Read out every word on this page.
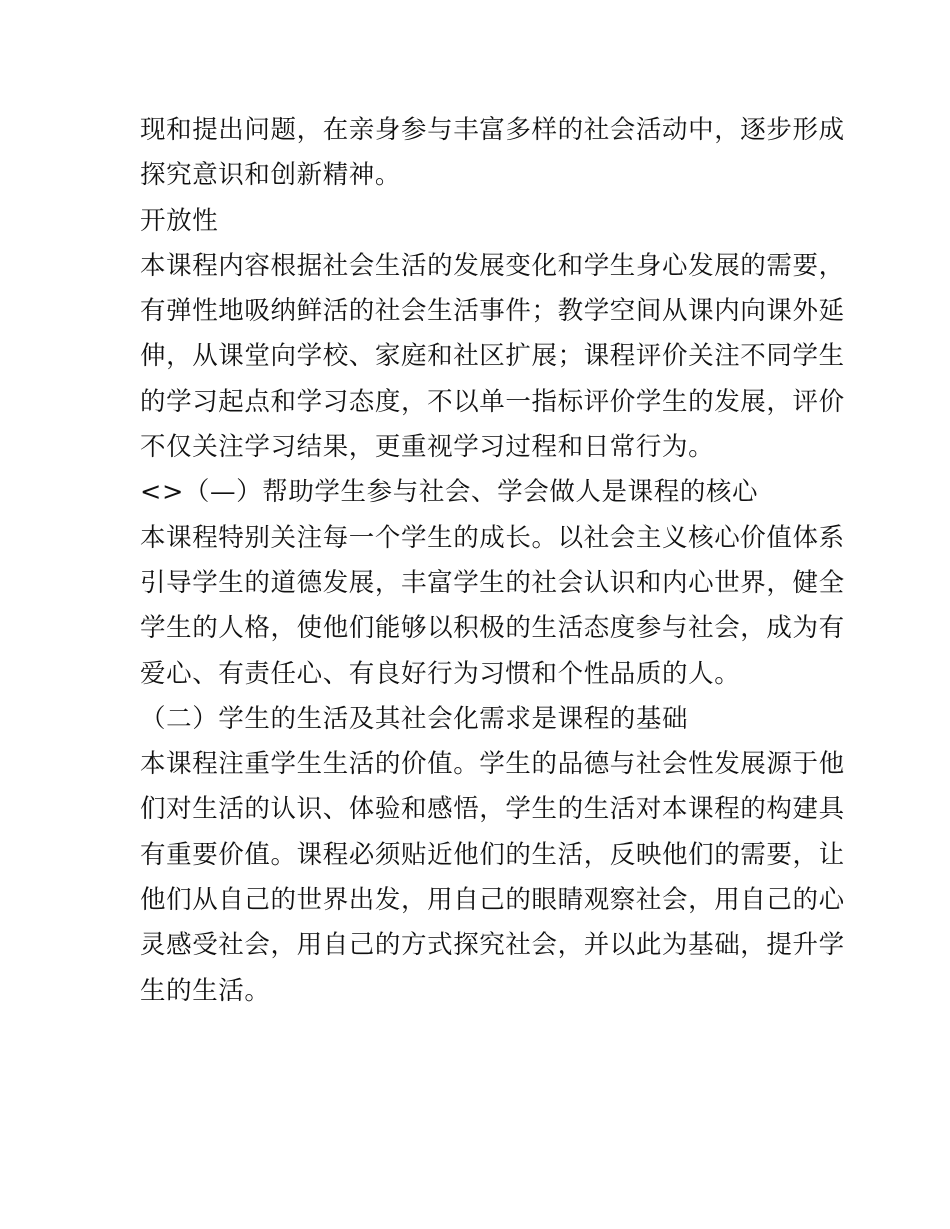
现和提出问题，在亲身参与丰富多样的社会活动中，逐步形成
探究意识和创新精神。
开放性
本课程内容根据社会生活的发展变化和学生身心发展的需要，
有弹性地吸纳鲜活的社会生活事件；教学空间从课内向课外延
伸，从课堂向学校、家庭和社区扩展；课程评价关注不同学生
的学习起点和学习态度，不以单一指标评价学生的发展，评价
不仅关注学习结果，更重视学习过程和日常行为。
<>（—）帮助学生参与社会、学会做人是课程的核心
本课程特别关注每一个学生的成长。以社会主义核心价值体系
引导学生的道德发展，丰富学生的社会认识和内心世界，健全
学生的人格，使他们能够以积极的生活态度参与社会，成为有
爱心、有责任心、有良好行为习惯和个性品质的人。
（二）学生的生活及其社会化需求是课程的基础
本课程注重学生生活的价值。学生的品德与社会性发展源于他
们对生活的认识、体验和感悟，学生的生活对本课程的构建具
有重要价值。课程必须贴近他们的生活，反映他们的需要，让
他们从自己的世界出发，用自己的眼睛观察社会，用自己的心
灵感受社会，用自己的方式探究社会，并以此为基础，提升学
生的生活。
